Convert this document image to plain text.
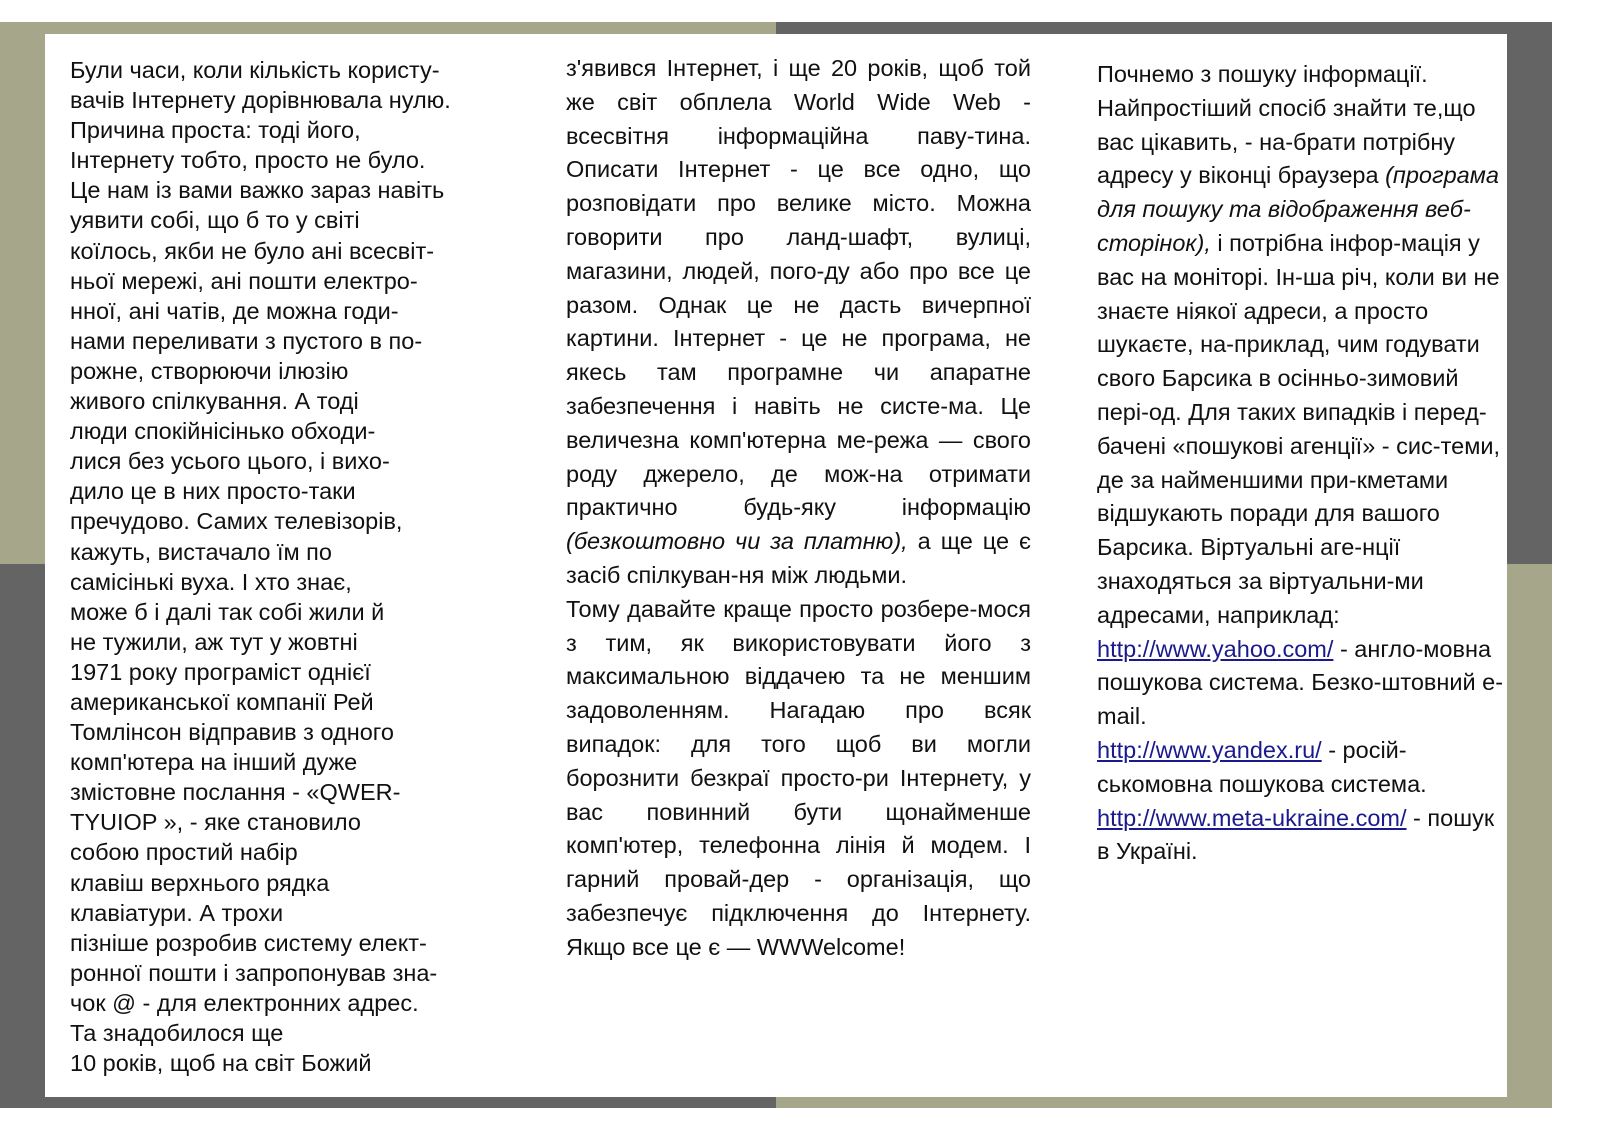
Були часи, коли кількість користу-
вачів Інтернету дорівнювала нулю.
Причина проста: тоді його,
Інтернету тобто, просто не було.
Це нам із вами важко зараз навіть
уявити собі, що б то у світі
коїлось, якби не було ані всесвіт-
ньої мережі, ані пошти електро-
нної, ані чатів, де можна годи-
нами переливати з пустого в по-
рожне, створюючи ілюзію
живого спілкування. А тоді
люди спокійнісінько обходи-
лися без усього цього, і вихо-
дило це в них просто-таки
пречудово. Самих телевізорів,
кажуть, вистачало їм по
самісінькі вуха. І хто знає,
може б і далі так собі жили й
не тужили, аж тут у жовтні
1971 року програміст однієї
американської компанії Рей
Томлінсон відправив з одного
комп'ютера на інший дуже
змістовне послання - «QWER-
TYUIOP », - яке становило
собою простий набір
клавіш верхнього рядка
клавіатури. А трохи
пізніше розробив систему елект-
ронної пошти і запропонував зна-
чок @ - для електронних адрес.
Та знадобилося ще
10 років, щоб на світ Божий
з'явився Інтернет, і ще 20 років, щоб той же світ обплела World Wide Web - всесвітня інформаційна паву-тина. Описати Інтернет - це все одно, що розповідати про велике місто. Можна говорити про ланд-шафт, вулиці, магазини, людей, пого-ду або про все це разом. Однак це не дасть вичерпної картини. Інтернет - це не програма, не якесь там програмне чи апаратне забезпечення і навіть не систе-ма. Це величезна комп'ютерна ме-режа — свого роду джерело, де мож-на отримати практично будь-яку інформацію (безкоштовно чи за платню), а ще це є засіб спілкуван-ня між людьми.
Тому давайте краще просто розбере-мося з тим, як використовувати його з максимальною віддачею та не меншим задоволенням. Нагадаю про всяк випадок: для того щоб ви могли борознити безкраї просто-ри Інтернету, у вас повинний бути щонайменше комп'ютер, телефонна лінія й модем. І гарний провай-дер - організація, що забезпечує підключення до Інтернету. Якщо все це є — WWWelcome!
Почнемо з пошуку інформації. Найпростіший спосіб знайти те,що вас цікавить, - на-брати потрібну адресу у віконці браузера (програма для пошуку та відображення веб-сторінок), і потрібна інфор-мація у вас на моніторі. Ін-ша річ, коли ви не знаєте ніякої адреси, а просто шукаєте, на-приклад, чим годувати свого Барсика в осінньо-зимовий пері-од. Для таких випадків і перед-бачені «пошукові агенції» - сис-теми, де за найменшими при-кметами відшукають поради для вашого Барсика. Віртуальні аге-нції знаходяться за віртуальни-ми адресами, наприклад:
http://www.yahoo.com/ - англо-мовна пошукова система. Безко-штовний e-mail.
http://www.yandex.ru/ - росій-ськомовна пошукова система.
http://www.meta-ukraine.com/ - пошук в Україні.
